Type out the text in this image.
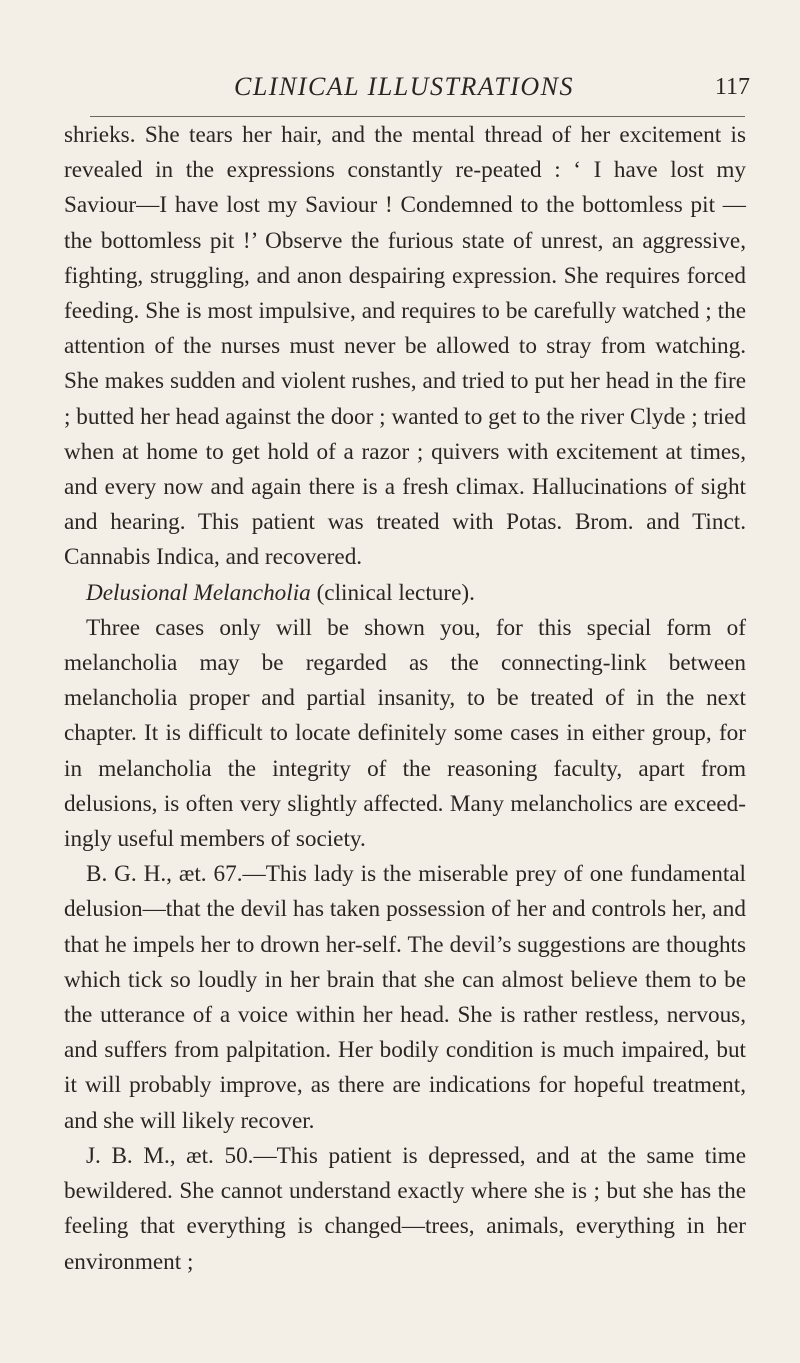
CLINICAL ILLUSTRATIONS	117

shrieks. She tears her hair, and the mental thread of her excitement is revealed in the expressions constantly re-peated : ‘ I have lost my Saviour—I have lost my Saviour ! Condemned to the bottomless pit — the bottomless pit !’ Observe the furious state of unrest, an aggressive, fighting, struggling, and anon despairing expression. She requires forced feeding. She is most impulsive, and requires to be carefully watched ; the attention of the nurses must never be allowed to stray from watching. She makes sudden and violent rushes, and tried to put her head in the fire ; butted her head against the door ; wanted to get to the river Clyde ; tried when at home to get hold of a razor ; quivers with excitement at times, and every now and again there is a fresh climax. Hallucinations of sight and hearing. This patient was treated with Potas. Brom. and Tinct. Cannabis Indica, and recovered.

Delusional Melancholia (clinical lecture).

Three cases only will be shown you, for this special form of melancholia may be regarded as the connecting-link between melancholia proper and partial insanity, to be treated of in the next chapter. It is difficult to locate definitely some cases in either group, for in melancholia the integrity of the reasoning faculty, apart from delusions, is often very slightly affected. Many melancholics are exceed-ingly useful members of society.

B. G. H., æt. 67.—This lady is the miserable prey of one fundamental delusion—that the devil has taken possession of her and controls her, and that he impels her to drown her-self. The devil’s suggestions are thoughts which tick so loudly in her brain that she can almost believe them to be the utterance of a voice within her head. She is rather restless, nervous, and suffers from palpitation. Her bodily condition is much impaired, but it will probably improve, as there are indications for hopeful treatment, and she will likely recover.

J. B. M., æt. 50.—This patient is depressed, and at the same time bewildered. She cannot understand exactly where she is ; but she has the feeling that everything is changed—trees, animals, everything in her environment ;
